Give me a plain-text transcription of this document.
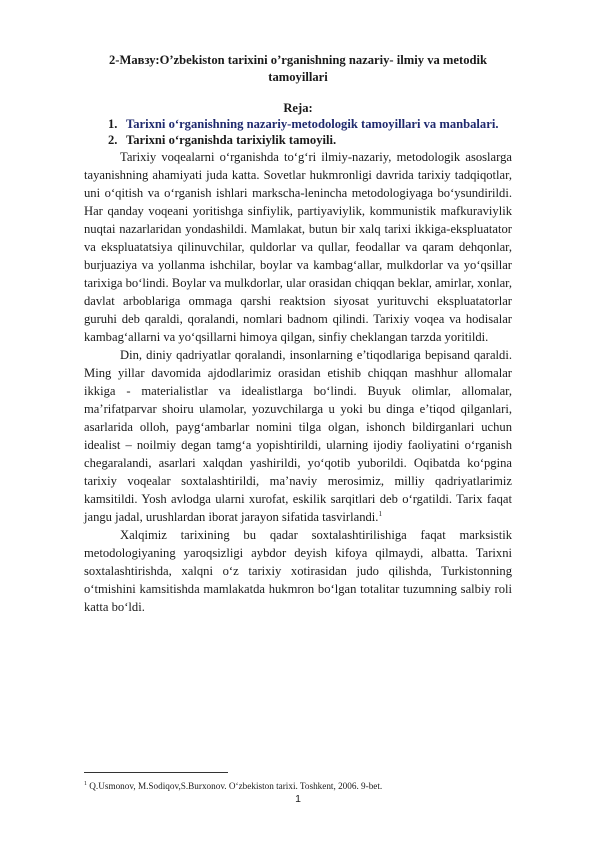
2-Мавзу:O’zbekiston tarixini o’rganishning nazariy- ilmiy va metodik tamoyillari
Reja:
1. Tarixni o‘rganishning nazariy-metodologik tamoyillari va manbalari.
2. Tarixni o‘rganishda tarixiylik tamoyili.

Tarixiy voqealarni o‘rganishda to‘g‘ri ilmiy-nazariy, metodologik asoslarga tayanishning ahamiyati juda katta. Sovetlar hukmronligi davrida tarixiy tadqiqotlar, uni o‘qitish va o‘rganish ishlari markscha-lenincha metodologiyaga bo‘ysundirildi. Har qanday voqeani yoritishga sinfiylik, partiyaviylik, kommunistik mafkuraviylik nuqtai nazarlaridan yondashildi. Mamlakat, butun bir xalq tarixi ikkiga-ekspluatator va ekspluatatsiya qilinuvchilar, quldorlar va qullar, feodallar va qaram dehqonlar, burjuaziya va yollanma ishchilar, boylar va kambag‘allar, mulkdorlar va yo‘qsillar tarixiga bo‘lindi. Boylar va mulkdorlar, ular orasidan chiqqan beklar, amirlar, xonlar, davlat arboblariga ommaga qarshi reaktsion siyosat yurituvchi ekspluatatorlar guruhi deb qaraldi, qoralandi, nomlari badnom qilindi. Tarixiy voqea va hodisalar kambag‘allarni va yo‘qsillarni himoya qilgan, sinfiy cheklangan tarzda yoritildi.

Din, diniy qadriyatlar qoralandi, insonlarning e’tiqodlariga bepisand qaraldi. Ming yillar davomida ajdodlarimiz orasidan etishib chiqqan mashhur allomalar ikkiga - materialistlar va idealistlarga bo‘lindi. Buyuk olimlar, allomalar, ma’rifatparvar shoiru ulamolar, yozuvchilarga u yoki bu dinga e’tiqod qilganlari, asarlarida olloh, payg‘ambarlar nomini tilga olgan, ishonch bildirganlari uchun idealist – noilmiy degan tamg‘a yopishtirildi, ularning ijodiy faoliyatini o‘rganish chegaralandi, asarlari xalqdan yashirildi, yo‘qotib yuborildi. Oqibatda ko‘pgina tarixiy voqealar soxtalashtirildi, ma’naviy merosimiz, milliy qadriyatlarimiz kamsitildi. Yosh avlodga ularni xurofat, eskilik sarqitlari deb o‘rgatildi. Tarix faqat jangu jadal, urushlardan iborat jarayon sifatida tasvirlandi.$^1$

Xalqimiz tarixining bu qadar soxtalashtirilishiga faqat marksistik metodologiyaning yaroqsizligi aybdor deyish kifoya qilmaydi, albatta. Tarixni soxtalashtirishda, xalqni o‘z tarixiy xotirasidan judo qilishda, Turkistonning o‘tmishini kamsitishda mamlakatda hukmron bo‘lgan totalitar tuzumning salbiy roli katta bo‘ldi.

$^1$ Q.Usmonov, M.Sodiqov,S.Burxonov. O‘zbekiston tarixi. Toshkent, 2006. 9-bet.
1
